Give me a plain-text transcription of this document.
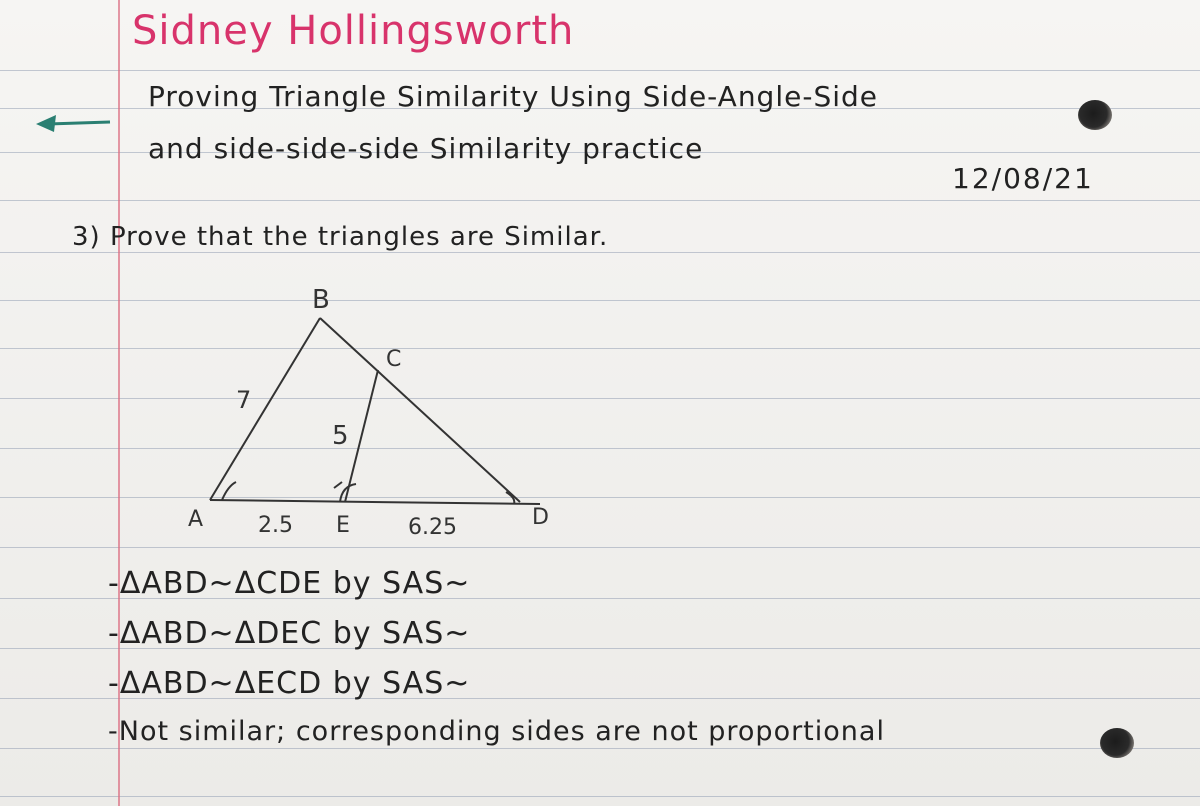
ﾠﾠﾠﾠﾠ
Sidney Hollingsworth
Proving Triangle Similarity Using Side-Angle-Side
and side-side-side Similarity practice
12/08/21
3) Prove that the triangles are Similar.
B
C
A	E	D
7
5
2.5	6.25
-ΔABD~ΔCDE by SAS~
-ΔABD~ΔDEC by SAS~
-ΔABD~ΔECD by SAS~
-Not similar; corresponding sides are not proportional
